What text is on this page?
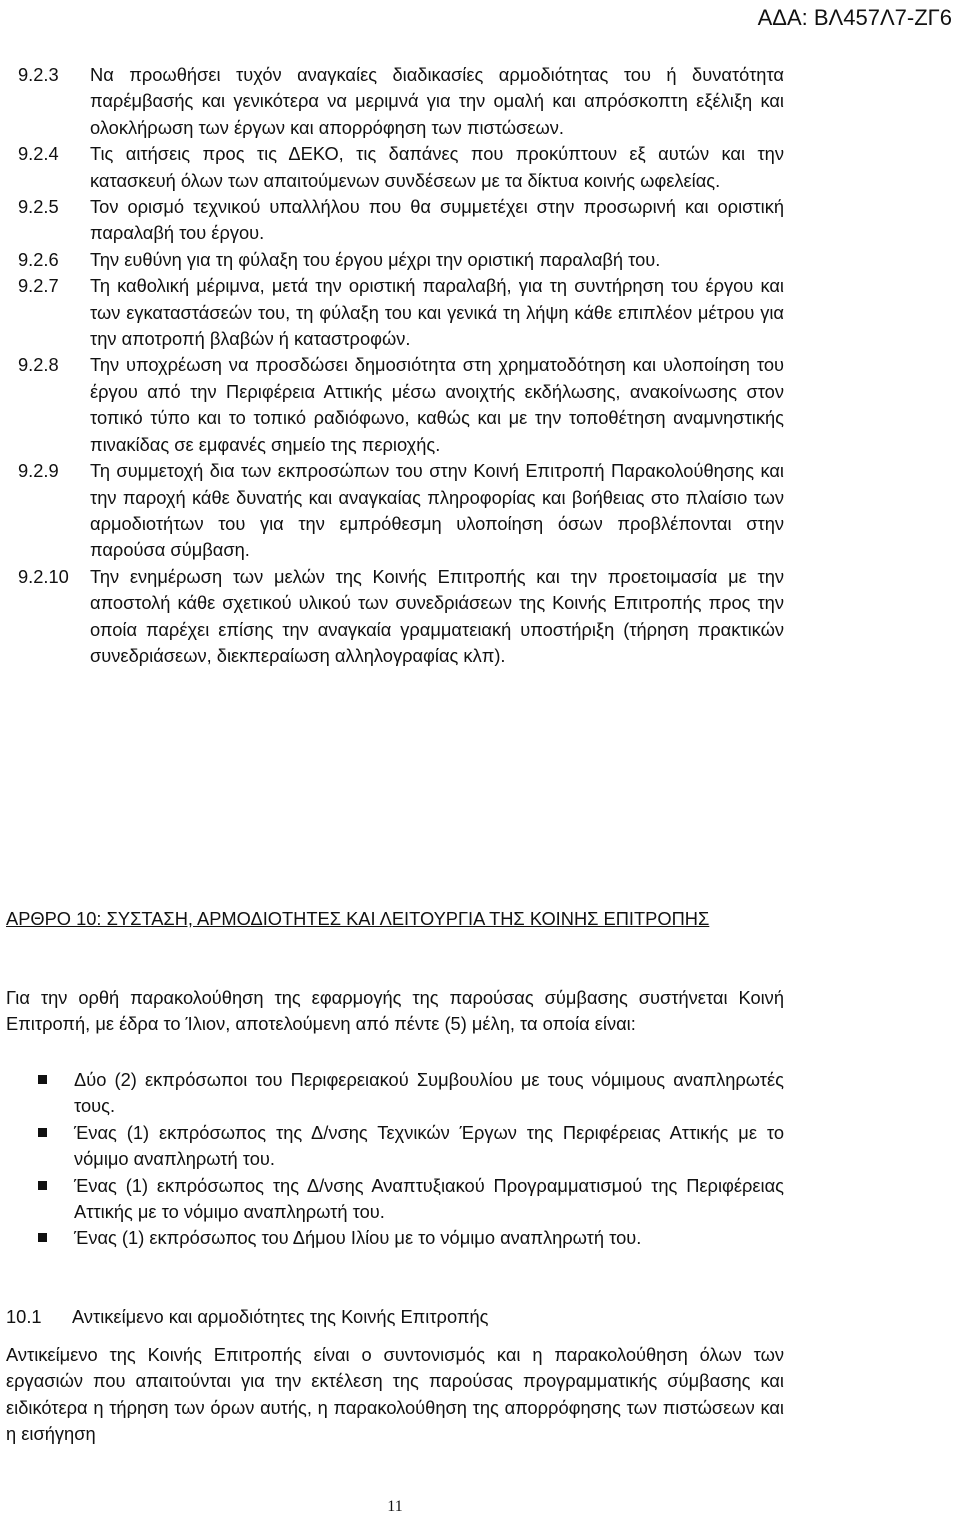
ΑΔΑ: ΒΛ457Λ7-ΖΓ6
9.2.3	Να προωθήσει τυχόν αναγκαίες διαδικασίες αρμοδιότητας του ή δυνατότητα παρέμβασής και γενικότερα να μεριμνά για την ομαλή και απρόσκοπτη εξέλιξη και ολοκλήρωση των έργων και απορρόφηση των πιστώσεων.
9.2.4	Τις αιτήσεις προς τις ΔΕΚΟ, τις δαπάνες που προκύπτουν εξ αυτών και την κατασκευή όλων των απαιτούμενων συνδέσεων με τα δίκτυα κοινής ωφελείας.
9.2.5	Τον ορισμό τεχνικού υπαλλήλου που θα συμμετέχει στην προσωρινή και οριστική παραλαβή του έργου.
9.2.6	Την ευθύνη για τη φύλαξη του έργου μέχρι την οριστική παραλαβή του.
9.2.7	Τη καθολική μέριμνα, μετά την οριστική παραλαβή, για τη συντήρηση του έργου και των εγκαταστάσεών του, τη φύλαξη του και γενικά τη λήψη κάθε επιπλέον μέτρου για την αποτροπή βλαβών ή καταστροφών.
9.2.8	Την υποχρέωση να προσδώσει δημοσιότητα στη χρηματοδότηση και υλοποίηση του έργου από την Περιφέρεια Αττικής μέσω ανοιχτής εκδήλωσης, ανακοίνωσης στον τοπικό τύπο και το τοπικό ραδιόφωνο, καθώς και με την τοποθέτηση αναμνηστικής πινακίδας σε εμφανές σημείο της περιοχής.
9.2.9	Τη συμμετοχή δια των εκπροσώπων του στην Κοινή Επιτροπή Παρακολούθησης και την παροχή κάθε δυνατής και αναγκαίας πληροφορίας και βοήθειας στο πλαίσιο των αρμοδιοτήτων του για την εμπρόθεσμη υλοποίηση όσων προβλέπονται στην παρούσα σύμβαση.
9.2.10	Την ενημέρωση των μελών της Κοινής Επιτροπής και την προετοιμασία με την αποστολή κάθε σχετικού υλικού των συνεδριάσεων της Κοινής Επιτροπής προς την οποία παρέχει επίσης την αναγκαία γραμματειακή υποστήριξη (τήρηση πρακτικών συνεδριάσεων, διεκπεραίωση αλληλογραφίας κλπ).
ΑΡΘΡΟ 10: ΣΥΣΤΑΣΗ, ΑΡΜΟΔΙΟΤΗΤΕΣ ΚΑΙ ΛΕΙΤΟΥΡΓΙΑ ΤΗΣ ΚΟΙΝΗΣ ΕΠΙΤΡΟΠΗΣ
Για την ορθή παρακολούθηση της εφαρμογής της παρούσας σύμβασης συστήνεται Κοινή Επιτροπή, με έδρα το Ίλιον, αποτελούμενη από πέντε (5) μέλη, τα οποία είναι:
Δύο (2) εκπρόσωποι του Περιφερειακού Συμβουλίου με τους νόμιμους αναπληρωτές τους.
Ένας (1) εκπρόσωπος της Δ/νσης Τεχνικών Έργων της Περιφέρειας Αττικής με το νόμιμο αναπληρωτή του.
Ένας (1) εκπρόσωπος της Δ/νσης Αναπτυξιακού Προγραμματισμού της Περιφέρειας Αττικής με το νόμιμο αναπληρωτή του.
Ένας (1) εκπρόσωπος του Δήμου Ιλίου με το νόμιμο αναπληρωτή του.
10.1	Αντικείμενο και αρμοδιότητες της Κοινής Επιτροπής
Αντικείμενο της Κοινής Επιτροπής είναι ο συντονισμός και η παρακολούθηση όλων των εργασιών που απαιτούνται για την εκτέλεση της παρούσας προγραμματικής σύμβασης και ειδικότερα η τήρηση των όρων αυτής, η παρακολούθηση της απορρόφησης των πιστώσεων και η εισήγηση
11
